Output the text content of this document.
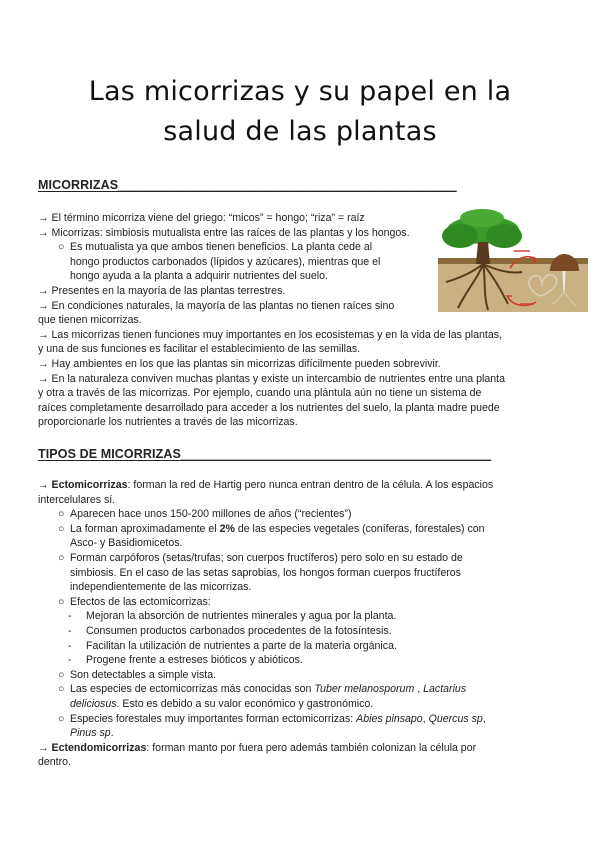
Las micorrizas y su papel en la
salud de las plantas
MICORRIZAS________________________________________________
→ El término micorriza viene del griego: “micos” = hongo; “riza” = raíz
→ Micorrizas: simbiosis mutualista entre las raíces de las plantas y los hongos.
○ Es mutualista ya que ambos tienen beneficios. La planta cede al
hongo productos carbonados (lípidos y azúcares), mientras que el
hongo ayuda a la planta a adquirir nutrientes del suelo.
→ Presentes en la mayoría de las plantas terrestres.
→ En condiciones naturales, la mayoría de las plantas no tienen raíces sino
que tienen micorrizas.
→ Las micorrizas tienen funciones muy importantes en los ecosistemas y en la vida de las plantas,
y una de sus funciones es facilitar el establecimiento de las semillas.
→ Hay ambientes en los que las plantas sin micorrizas difícilmente pueden sobrevivir.
→ En la naturaleza conviven muchas plantas y existe un intercambio de nutrientes entre una planta
y otra a través de las micorrizas. Por ejemplo, cuando una plántula aún no tiene un sistema de
raíces completamente desarrollado para acceder a los nutrientes del suelo, la planta madre puede
proporcionarle los nutrientes a través de las micorrizas.
TIPOS DE MICORRIZAS____________________________________________
→ Ectomicorrizas: forman la red de Hartig pero nunca entran dentro de la célula. A los espacios
intercelulares sí.
○ Aparecen hace unos 150-200 millones de años (“recientes”)
○ La forman aproximadamente el 2% de las especies vegetales (coníferas, forestales) con
Asco- y Basidiomicetos.
○ Forman carpóforos (setas/trufas; son cuerpos fructíferos) pero solo en su estado de
simbiosis. En el caso de las setas saprobias, los hongos forman cuerpos fructíferos
independientemente de las micorrizas.
○ Efectos de las ectomicorrizas:
- Mejoran la absorción de nutrientes minerales y agua por la planta.
- Consumen productos carbonados procedentes de la fotosíntesis.
- Facilitan la utilización de nutrientes a parte de la materia orgánica.
- Progene frente a estreses bióticos y abióticos.
○ Son detectables a simple vista.
○ Las especies de ectomicorrizas más conocidas son Tuber melanosporum , Lactarius
deliciosus. Esto es debido a su valor económico y gastronómico.
○ Especies forestales muy importantes forman ectomicorrizas: Abies pinsapo, Quercus sp,
Pinus sp.
→ Ectendomicorrizas: forman manto por fuera pero además también colonizan la célula por
dentro.
